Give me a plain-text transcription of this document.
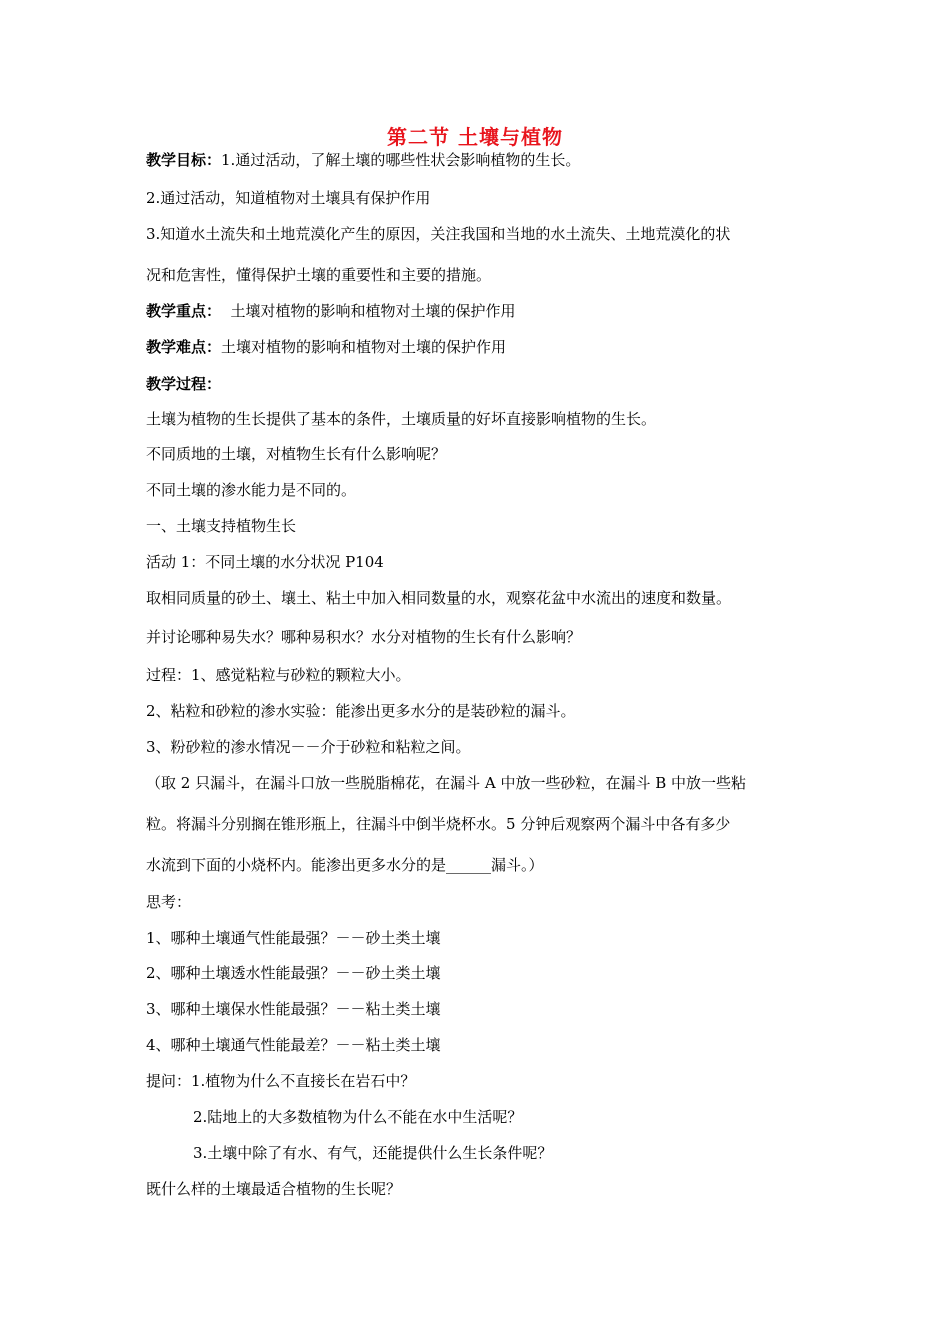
第二节 土壤与植物
教学目标：1.通过活动，了解土壤的哪些性状会影响植物的生长。
2.通过活动，知道植物对土壤具有保护作用
3.知道水土流失和土地荒漠化产生的原因，关注我国和当地的水土流失、土地荒漠化的状
况和危害性，懂得保护土壤的重要性和主要的措施。
教学重点：  土壤对植物的影响和植物对土壤的保护作用
教学难点：土壤对植物的影响和植物对土壤的保护作用
教学过程：
土壤为植物的生长提供了基本的条件，土壤质量的好坏直接影响植物的生长。
不同质地的土壤，对植物生长有什么影响呢？
不同土壤的渗水能力是不同的。
一、土壤支持植物生长
活动 1：不同土壤的水分状况 P104
取相同质量的砂土、壤土、粘土中加入相同数量的水，观察花盆中水流出的速度和数量。
并讨论哪种易失水？哪种易积水？水分对植物的生长有什么影响？
过程：1、感觉粘粒与砂粒的颗粒大小。
2、粘粒和砂粒的渗水实验：能渗出更多水分的是装砂粒的漏斗。
3、粉砂粒的渗水情况－－介于砂粒和粘粒之间。
（取 2 只漏斗，在漏斗口放一些脱脂棉花，在漏斗 A 中放一些砂粒，在漏斗 B 中放一些粘
粒。将漏斗分别搁在锥形瓶上，往漏斗中倒半烧杯水。5 分钟后观察两个漏斗中各有多少
水流到下面的小烧杯内。能渗出更多水分的是______漏斗。）
思考：
1、哪种土壤通气性能最强？－－砂土类土壤
2、哪种土壤透水性能最强？－－砂土类土壤
3、哪种土壤保水性能最强？－－粘土类土壤
4、哪种土壤通气性能最差？－－粘土类土壤
提问：1.植物为什么不直接长在岩石中？
2.陆地上的大多数植物为什么不能在水中生活呢？
3.土壤中除了有水、有气，还能提供什么生长条件呢？
既什么样的土壤最适合植物的生长呢？
